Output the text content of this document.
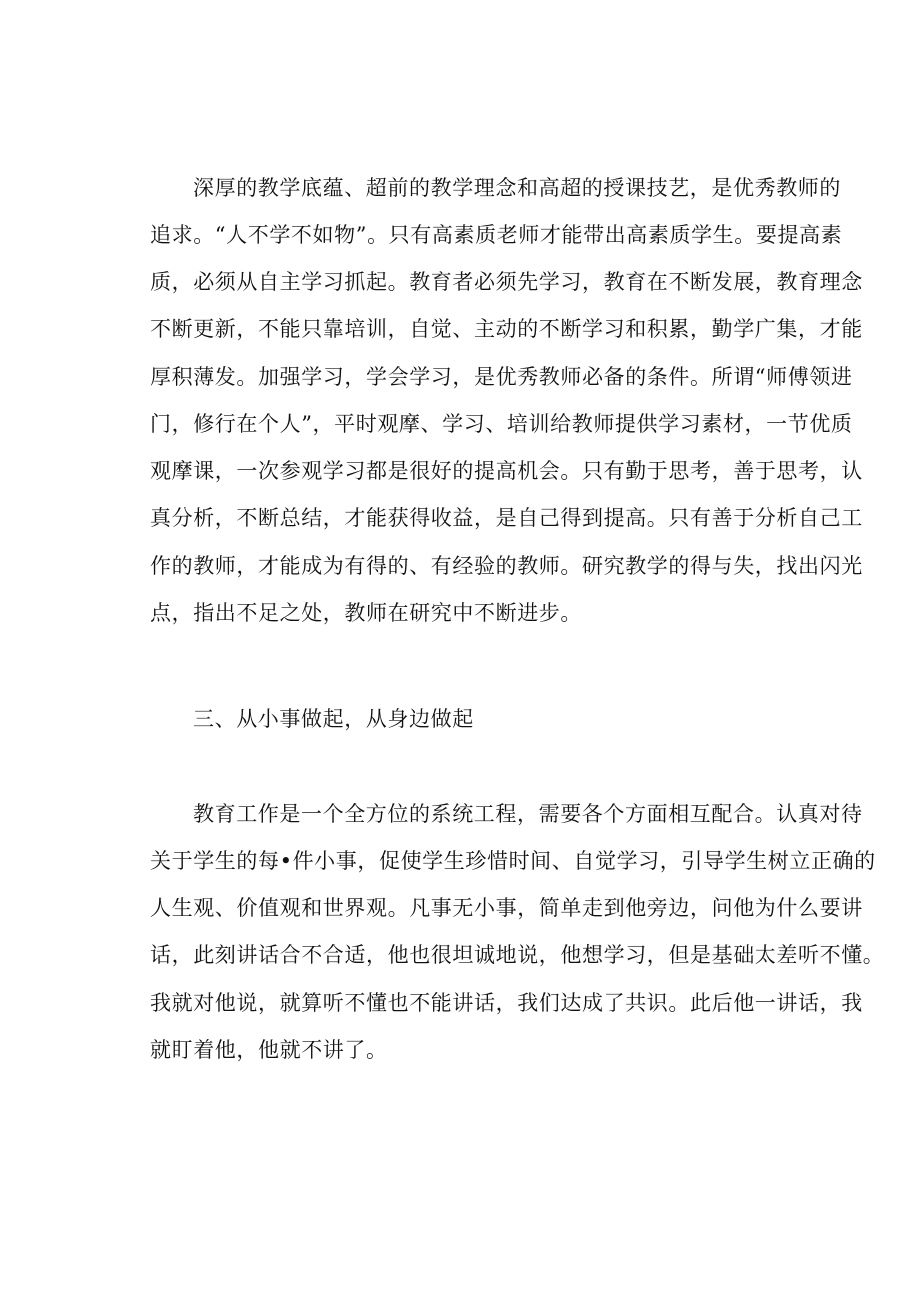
深厚的教学底蕴、超前的教学理念和高超的授课技艺，是优秀教师的
追求。“人不学不如物”。只有高素质老师才能带出高素质学生。要提高素
质，必须从自主学习抓起。教育者必须先学习，教育在不断发展，教育理念
不断更新，不能只靠培训，自觉、主动的不断学习和积累，勤学广集，才能
厚积薄发。加强学习，学会学习，是优秀教师必备的条件。所谓“师傅领进
门，修行在个人”，平时观摩、学习、培训给教师提供学习素材，一节优质
观摩课，一次参观学习都是很好的提高机会。只有勤于思考，善于思考，认
真分析，不断总结，才能获得收益，是自己得到提高。只有善于分析自己工
作的教师，才能成为有得的、有经验的教师。研究教学的得与失，找出闪光
点，指出不足之处，教师在研究中不断进步。
三、从小事做起，从身边做起
教育工作是一个全方位的系统工程，需要各个方面相互配合。认真对待
关于学生的每•件小事，促使学生珍惜时间、自觉学习，引导学生树立正确的
人生观、价值观和世界观。凡事无小事，简单走到他旁边，问他为什么要讲
话，此刻讲话合不合适，他也很坦诚地说，他想学习，但是基础太差听不懂。
我就对他说，就算听不懂也不能讲话，我们达成了共识。此后他一讲话，我
就盯着他，他就不讲了。
